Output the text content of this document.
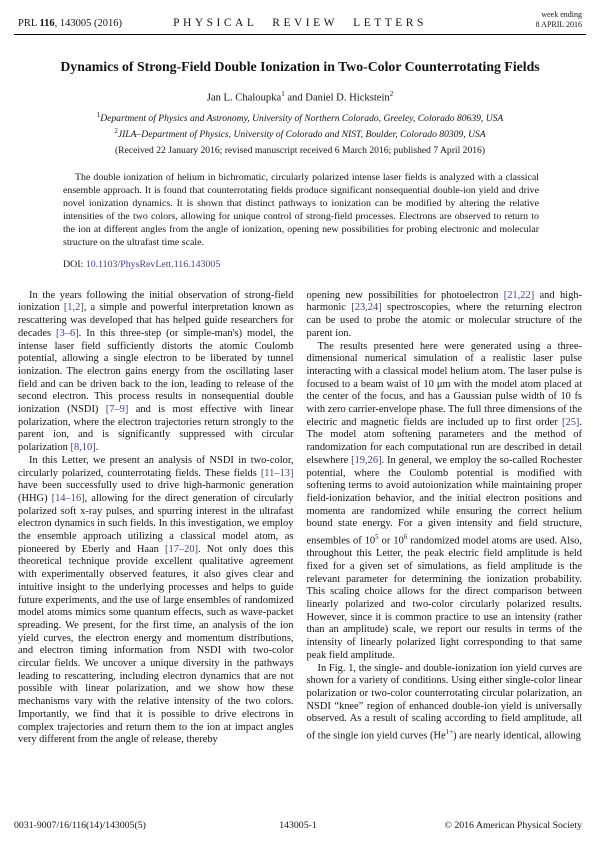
PRL 116, 143005 (2016)	PHYSICAL REVIEW LETTERS
week ending
8 APRIL 2016
Dynamics of Strong-Field Double Ionization in Two-Color Counterrotating Fields
Jan L. Chaloupka$^1$ and Daniel D. Hickstein$^2$
$^1$Department of Physics and Astronomy, University of Northern Colorado, Greeley, Colorado 80639, USA
$^2$JILA–Department of Physics, University of Colorado and NIST, Boulder, Colorado 80309, USA
(Received 22 January 2016; revised manuscript received 6 March 2016; published 7 April 2016)

The double ionization of helium in bichromatic, circularly polarized intense laser fields is analyzed with a classical ensemble approach. It is found that counterrotating fields produce significant nonsequential double-ion yield and drive novel ionization dynamics. It is shown that distinct pathways to ionization can be modified by altering the relative intensities of the two colors, allowing for unique control of strong-field processes. Electrons are observed to return to the ion at different angles from the angle of ionization, opening new possibilities for probing electronic and molecular structure on the ultrafast time scale.

DOI: 10.1103/PhysRevLett.116.143005

In the years following the initial observation of strong-field ionization [1,2], a simple and powerful interpretation known as rescattering was developed that has helped guide researchers for decades [3–6]. In this three-step (or simple-man's) model, the intense laser field sufficiently distorts the atomic Coulomb potential, allowing a single electron to be liberated by tunnel ionization. The electron gains energy from the oscillating laser field and can be driven back to the ion, leading to release of the second electron. This process results in nonsequential double ionization (NSDI) [7–9] and is most effective with linear polarization, where the electron trajectories return strongly to the parent ion, and is significantly suppressed with circular polarization [8,10].

In this Letter, we present an analysis of NSDI in two-color, circularly polarized, counterrotating fields. These fields [11–13] have been successfully used to drive high-harmonic generation (HHG) [14–16], allowing for the direct generation of circularly polarized soft x-ray pulses, and spurring interest in the ultrafast electron dynamics in such fields. In this investigation, we employ the ensemble approach utilizing a classical model atom, as pioneered by Eberly and Haan [17–20]. Not only does this theoretical technique provide excellent qualitative agreement with experimentally observed features, it also gives clear and intuitive insight to the underlying processes and helps to guide future experiments, and the use of large ensembles of randomized model atoms mimics some quantum effects, such as wave-packet spreading. We present, for the first time, an analysis of the ion yield curves, the electron energy and momentum distributions, and electron timing information from NSDI with two-color circular fields. We uncover a unique diversity in the pathways leading to rescattering, including electron dynamics that are not possible with linear polarization, and we show how these mechanisms vary with the relative intensity of the two colors. Importantly, we find that it is possible to drive electrons in complex trajectories and return them to the ion at impact angles very different from the angle of release, thereby

opening new possibilities for photoelectron [21,22] and high-harmonic [23,24] spectroscopies, where the returning electron can be used to probe the atomic or molecular structure of the parent ion.

The results presented here were generated using a three-dimensional numerical simulation of a realistic laser pulse interacting with a classical model helium atom. The laser pulse is focused to a beam waist of 10 μm with the model atom placed at the center of the focus, and has a Gaussian pulse width of 10 fs with zero carrier-envelope phase. The full three dimensions of the electric and magnetic fields are included up to first order [25]. The model atom softening parameters and the method of randomization for each computational run are described in detail elsewhere [19,26]. In general, we employ the so-called Rochester potential, where the Coulomb potential is modified with softening terms to avoid autoionization while maintaining proper field-ionization behavior, and the initial electron positions and momenta are randomized while ensuring the correct helium bound state energy. For a given intensity and field structure, ensembles of $10^5$ or $10^6$ randomized model atoms are used. Also, throughout this Letter, the peak electric field amplitude is held fixed for a given set of simulations, as field amplitude is the relevant parameter for determining the ionization probability. This scaling choice allows for the direct comparison between linearly polarized and two-color circularly polarized results. However, since it is common practice to use an intensity (rather than an amplitude) scale, we report our results in terms of the intensity of linearly polarized light corresponding to that same peak field amplitude.

In Fig. 1, the single- and double-ionization ion yield curves are shown for a variety of conditions. Using either single-color linear polarization or two-color counterrotating circular polarization, an NSDI “knee” region of enhanced double-ion yield is universally observed. As a result of scaling according to field amplitude, all of the single ion yield curves $(He^{1+})$ are nearly identical, allowing

0031-9007/16/116(14)/143005(5)	143005-1	© 2016 American Physical Society
